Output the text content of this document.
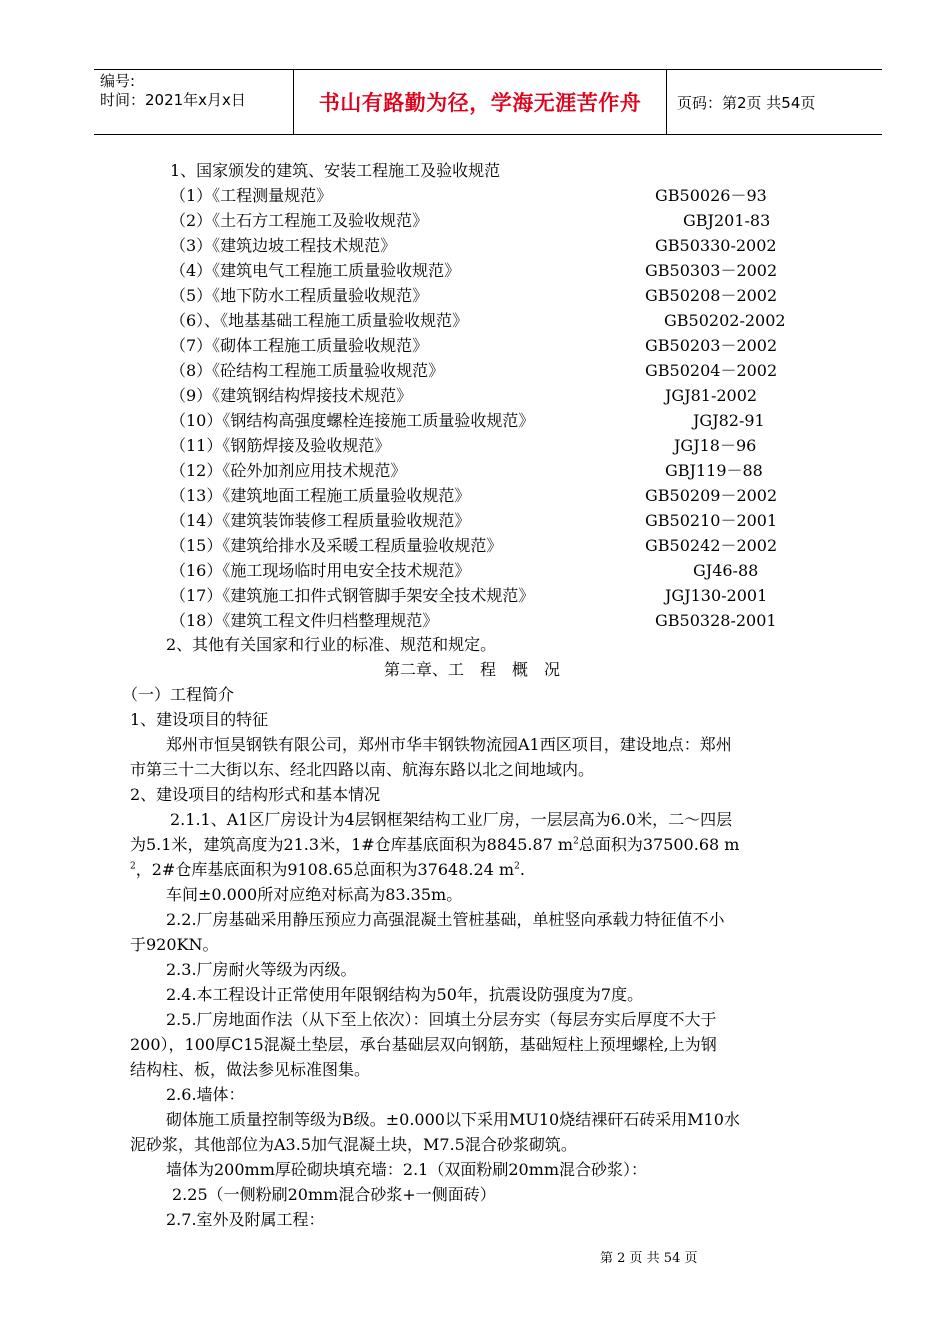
编号:
时间：2021年x月x日	书山有路勤为径，学海无涯苦作舟 页码：第2页 共54页
1、国家颁发的建筑、安装工程施工及验收规范
（1）《工程测量规范》	GB50026－93
（2）《土石方工程施工及验收规范》	GBJ201-83
（3）《建筑边坡工程技术规范》	GB50330-2002
（4）《建筑电气工程施工质量验收规范》	GB50303－2002
（5）《地下防水工程质量验收规范》	GB50208－2002
（6）、《地基基础工程施工质量验收规范》	GB50202-2002
（7）《砌体工程施工质量验收规范》	GB50203－2002
（8）《砼结构工程施工质量验收规范》	GB50204－2002
（9）《建筑钢结构焊接技术规范》	JGJ81-2002
（10）《钢结构高强度螺栓连接施工质量验收规范》	JGJ82-91
（11）《钢筋焊接及验收规范》	JGJ18－96
（12）《砼外加剂应用技术规范》	GBJ119－88
（13）《建筑地面工程施工质量验收规范》	GB50209－2002
（14）《建筑装饰装修工程质量验收规范》	GB50210－2001
（15）《建筑给排水及采暖工程质量验收规范》	GB50242－2002
（16）《施工现场临时用电安全技术规范》	GJ46-88
（17）《建筑施工扣件式钢管脚手架安全技术规范》	JGJ130-2001
（18）《建筑工程文件归档整理规范》	GB50328-2001
2、其他有关国家和行业的标准、规范和规定。
第二章、工　程　概　况
（一）工程简介
1、建设项目的特征
郑州市恒昊钢铁有限公司，郑州市华丰钢铁物流园A1西区项目，建设地点：郑州
市第三十二大街以东、经北四路以南、航海东路以北之间地域内。
2、建设项目的结构形式和基本情况
2.1.1、A1区厂房设计为4层钢框架结构工业厂房，一层层高为6.0米，二～四层
为5.1米，建筑高度为21.3米，1#仓库基底面积为8845.87 $m^2$总面积为37500.68 m
$^2$，2#仓库基底面积为9108.65总面积为37648.24 $m^2$.
车间±0.000所对应绝对标高为83.35m。
2.2.厂房基础采用静压预应力高强混凝土管桩基础，单桩竖向承载力特征值不小
于920KN。
2.3.厂房耐火等级为丙级。
2.4.本工程设计正常使用年限钢结构为50年，抗震设防强度为7度。
2.5.厂房地面作法（从下至上依次）：回填土分层夯实（每层夯实后厚度不大于
200），100厚C15混凝土垫层，承台基础层双向钢筋，基础短柱上预埋螺栓,上为钢
结构柱、板，做法参见标准图集。
2.6.墙体：
砌体施工质量控制等级为B级。±0.000以下采用MU10烧结裸矸石砖采用M10水
泥砂浆，其他部位为A3.5加气混凝土块，M7.5混合砂浆砌筑。
墙体为200mm厚砼砌块填充墙：2.1（双面粉刷20mm混合砂浆）：
2.25（一侧粉刷20mm混合砂浆+一侧面砖）
2.7.室外及附属工程：
第 2 页 共 54 页
